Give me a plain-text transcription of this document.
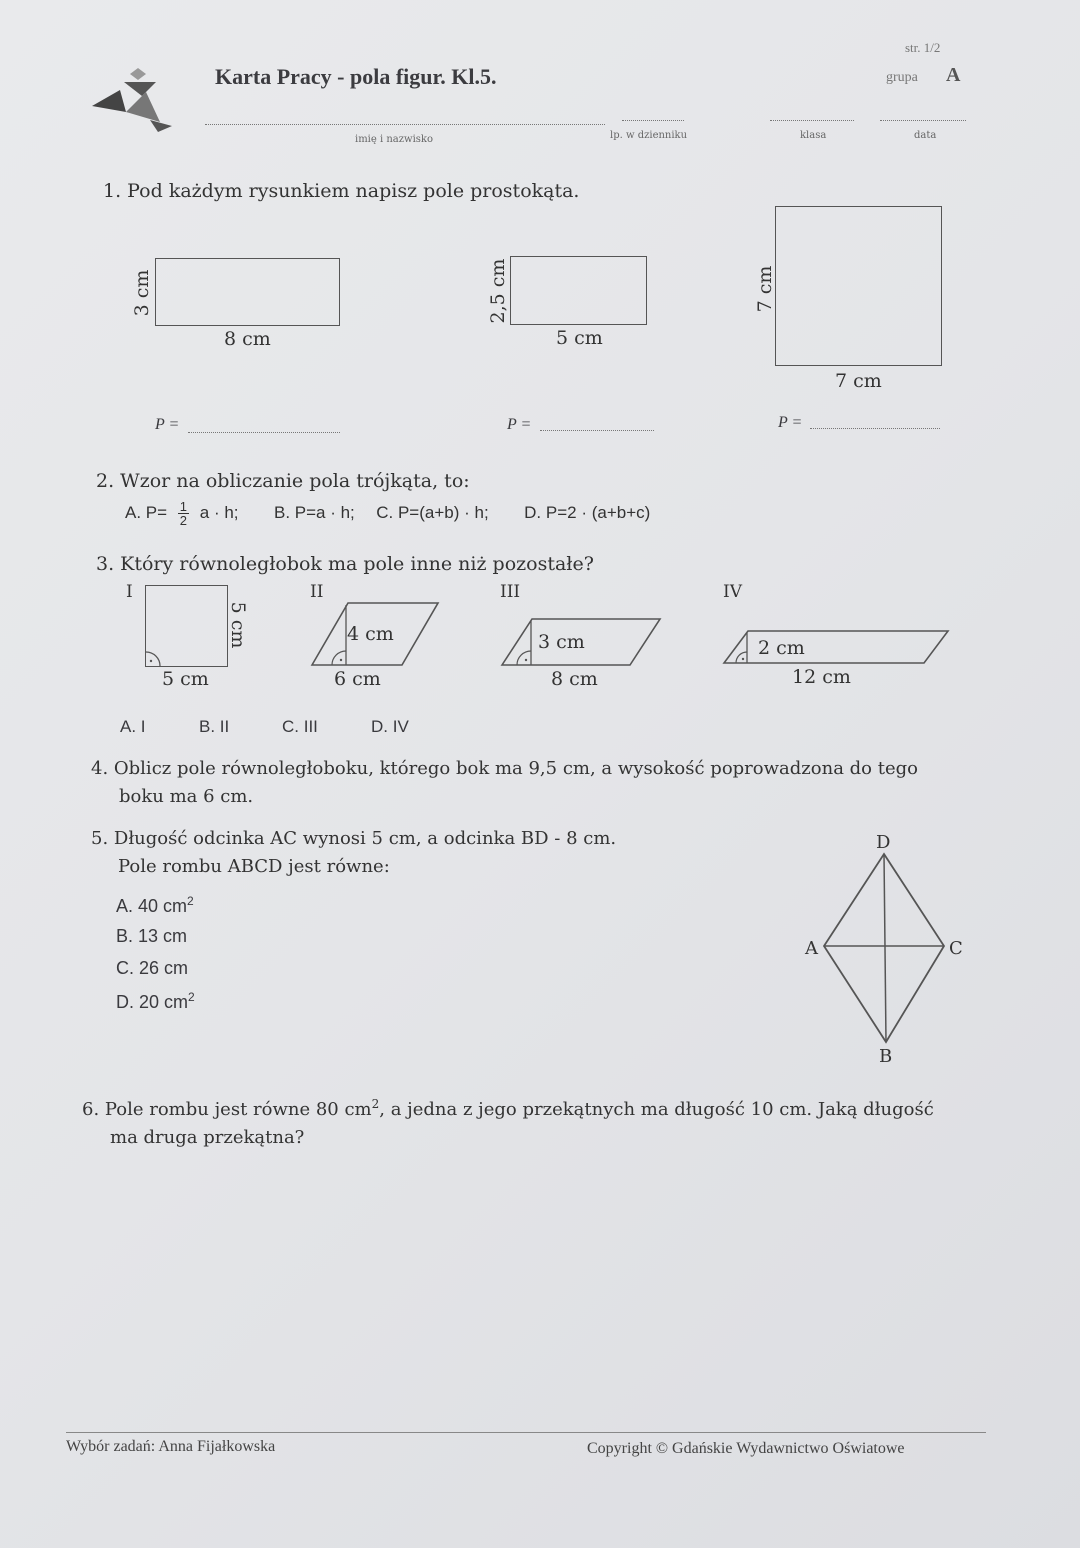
Karta Pracy - pola figur. Kl.5.
str. 1/2
grupa A
imię i nazwisko	lp. w dzienniku	klasa	data
1. Pod każdym rysunkiem napisz pole prostokąta.
3 cm
8 cm
2,5 cm
5 cm
7 cm
7 cm
P =	P =	P =
2. Wzor na obliczanie pola trójkąta, to:
A. $P= \frac{1}{2}$ a · h; B. P=a · h; C. P=(a+b) · h; D. P=2 · (a+b+c)
3. Który równoległobok ma pole inne niż pozostałe?
I
5 cm
5 cm
II
4 cm
6 cm
III
3 cm
8 cm
IV
2 cm
12 cm
A. I	B. II	C. III	D. IV
4. Oblicz pole równoległoboku, którego bok ma 9,5 cm, a wysokość poprowadzona do tego
boku ma 6 cm.
5. Długość odcinka AC wynosi 5 cm, a odcinka BD - 8 cm.
Pole rombu ABCD jest równe:
A. 40 $cm^2$
B. 13 cm
C. 26 cm
D. 20 $cm^2$
D
A	C
B
6. Pole rombu jest równe 80 $cm^2$, a jedna z jego przekątnych ma długość 10 cm. Jaką długość
ma druga przekątna?
Wybór zadań: Anna Fijałkowska	Copyright © Gdańskie Wydawnictwo Oświatowe
